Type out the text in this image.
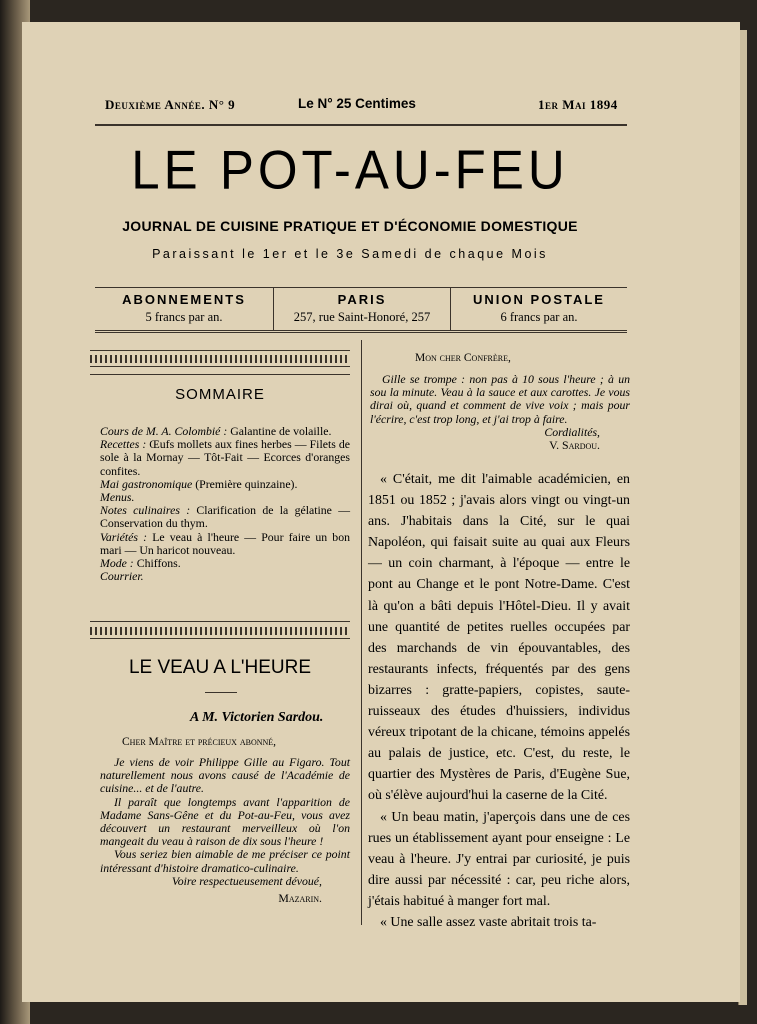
Deuxième Année. N° 9	Le N° 25 Centimes	1er Mai 1894
LE POT-AU-FEU
JOURNAL DE CUISINE PRATIQUE ET D'ÉCONOMIE DOMESTIQUE
Paraissant le 1er et le 3e Samedi de chaque Mois
ABONNEMENTS
5 francs par an.
PARIS
257, rue Saint-Honoré, 257
UNION POSTALE
6 francs par an.
SOMMAIRE

Cours de M. A. Colombié : Galantine de volaille.

Recettes : Œufs mollets aux fines herbes — Filets de sole à la Mornay — Tôt-Fait — Ecorces d'oranges confites.

Mai gastronomique (Première quinzaine).

Menus.

Notes culinaires : Clarification de la gélatine — Conservation du thym.

Variétés : Le veau à l'heure — Pour faire un bon mari — Un haricot nouveau.

Mode : Chiffons.

Courrier.

LE VEAU A L'HEURE
A M. Victorien Sardou.
Cher Maître et précieux abonné,

Je viens de voir Philippe Gille au Figaro. Tout naturellement nous avons causé de l'Académie de cuisine... et de l'autre.

Il paraît que longtemps avant l'apparition de Madame Sans-Gêne et du Pot-au-Feu, vous avez découvert un restaurant merveilleux où l'on mangeait du veau à raison de dix sous l'heure !

Vous seriez bien aimable de me préciser ce point intéressant d'histoire dramatico-culinaire.

Voire respectueusement dévoué,

Mazarin.

Mon cher Confrère,

Gille se trompe : non pas à 10 sous l'heure ; à un sou la minute. Veau à la sauce et aux carottes. Je vous dirai où, quand et comment de vive voix ; mais pour l'écrire, c'est trop long, et j'ai trop à faire.

Cordialités,

V. Sardou.

« C'était, me dit l'aimable académicien, en 1851 ou 1852 ; j'avais alors vingt ou vingt-un ans. J'habitais dans la Cité, sur le quai Napoléon, qui faisait suite au quai aux Fleurs — un coin charmant, à l'époque — entre le pont au Change et le pont Notre-Dame. C'est là qu'on a bâti depuis l'Hôtel-Dieu. Il y avait une quantité de petites ruelles occupées par des marchands de vin épouvantables, des restaurants infects, fréquentés par des gens bizarres : gratte-papiers, copistes, saute-ruisseaux des études d'huissiers, individus véreux tripotant de la chicane, témoins appelés au palais de justice, etc. C'est, du reste, le quartier des Mystères de Paris, d'Eugène Sue, où s'élève aujourd'hui la caserne de la Cité.

« Un beau matin, j'aperçois dans une de ces rues un établissement ayant pour enseigne : Le veau à l'heure. J'y entrai par curiosité, je puis dire aussi par nécessité : car, peu riche alors, j'étais habitué à manger fort mal.

« Une salle assez vaste abritait trois ta-
